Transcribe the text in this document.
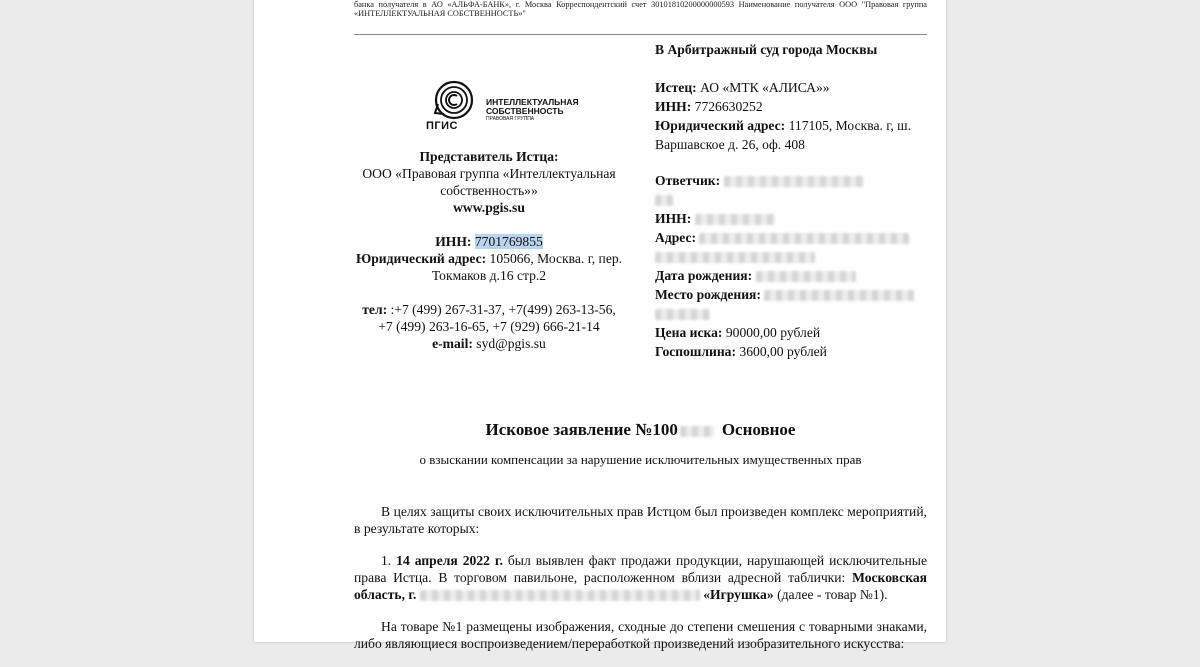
банка получателя в АО «АЛЬФА-БАНК», г. Москва Корреспондентский счет 30101810200000000593 Наименование получателя ООО "Правовая группа
«ИНТЕЛЛЕКТУАЛЬНАЯ СОБСТВЕННОСТЬ»"
ПГИС
ИНТЕЛЛЕКТУАЛЬНАЯ
СОБСТВЕННОСТЬ
ПРАВОВАЯ ГРУППА
Представитель Истца:
ООО «Правовая группа «Интеллектуальная собственность»»
www.pgis.su
ИНН: 7701769855
Юридический адрес: 105066, Москва. г, пер. Токмаков д.16 стр.2
тел: :+7 (499) 267-31-37, +7(499) 263-13-56, +7 (499) 263-16-65, +7 (929) 666-21-14
e-mail: syd@pgis.su
В Арбитражный суд города Москвы
Истец: АО «МТК «АЛИСА»»
ИНН: 7726630252
Юридический адрес: 117105, Москва. г, ш. Варшавское д. 26, оф. 408
Ответчик:
ИНН:
Адрес:
Дата рождения:
Место рождения:
Цена иска: 90000,00 рублей
Госпошлина: 3600,00 рублей
Исковое заявление №100	Основное
о взыскании компенсации за нарушение исключительных имущественных прав

В целях защиты своих исключительных прав Истцом был произведен комплекс мероприятий, в результате которых:

1. 14 апреля 2022 г. был выявлен факт продажи продукции, нарушающей исключительные права Истца. В торговом павильоне, расположенном вблизи адресной таблички: Московская область, г.	«Игрушка» (далее - товар №1).

На товаре №1 размещены изображения, сходные до степени смешения с товарными знаками, либо являющиеся воспроизведением/переработкой произведений изобразительного искусства:
